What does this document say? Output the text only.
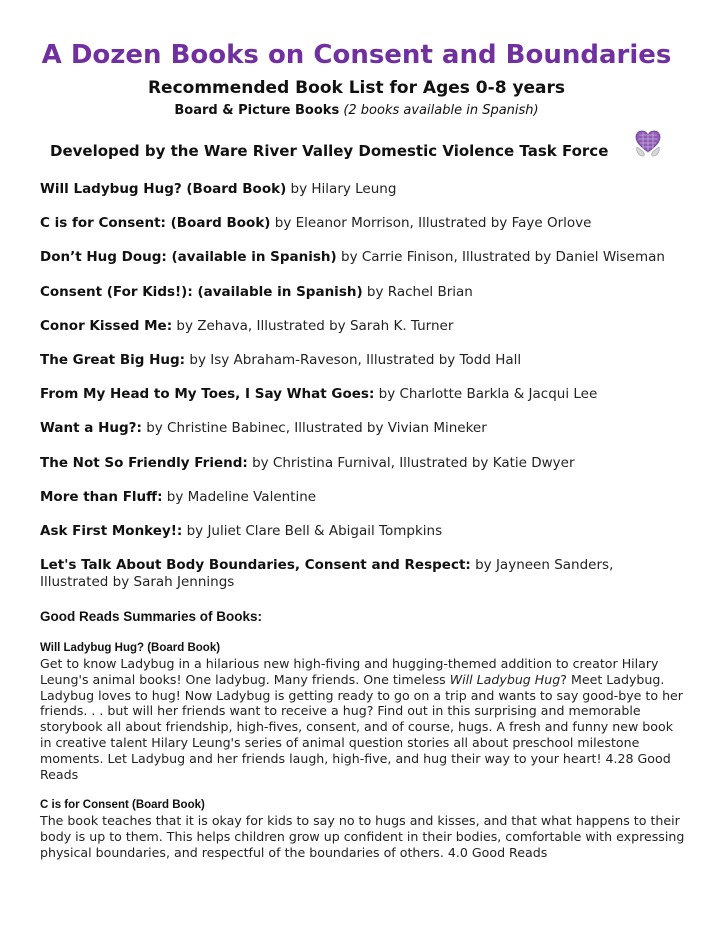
A Dozen Books on Consent and Boundaries
Recommended Book List for Ages 0-8 years
Board & Picture Books (2 books available in Spanish)
Developed by the Ware River Valley Domestic Violence Task Force
Will Ladybug Hug? (Board Book) by Hilary Leung
C is for Consent: (Board Book) by Eleanor Morrison, Illustrated by Faye Orlove
Don’t Hug Doug: (available in Spanish) by Carrie Finison, Illustrated by Daniel Wiseman
Consent (For Kids!): (available in Spanish) by Rachel Brian
Conor Kissed Me: by Zehava, Illustrated by Sarah K. Turner
The Great Big Hug: by Isy Abraham-Raveson, Illustrated by Todd Hall
From My Head to My Toes, I Say What Goes: by Charlotte Barkla & Jacqui Lee
Want a Hug?: by Christine Babinec, Illustrated by Vivian Mineker
The Not So Friendly Friend: by Christina Furnival, Illustrated by Katie Dwyer
More than Fluff: by Madeline Valentine
Ask First Monkey!: by Juliet Clare Bell & Abigail Tompkins
Let's Talk About Body Boundaries, Consent and Respect: by Jayneen Sanders, Illustrated by Sarah Jennings
Good Reads Summaries of Books:
Will Ladybug Hug? (Board Book)
Get to know Ladybug in a hilarious new high-fiving and hugging-themed addition to creator Hilary Leung's animal books! One ladybug. Many friends. One timeless Will Ladybug Hug? Meet Ladybug. Ladybug loves to hug! Now Ladybug is getting ready to go on a trip and wants to say good-bye to her friends. . . but will her friends want to receive a hug? Find out in this surprising and memorable storybook all about friendship, high-fives, consent, and of course, hugs. A fresh and funny new book in creative talent Hilary Leung's series of animal question stories all about preschool milestone moments. Let Ladybug and her friends laugh, high-five, and hug their way to your heart! 4.28 Good Reads
C is for Consent (Board Book)
The book teaches that it is okay for kids to say no to hugs and kisses, and that what happens to their body is up to them. This helps children grow up confident in their bodies, comfortable with expressing physical boundaries, and respectful of the boundaries of others. 4.0 Good Reads
